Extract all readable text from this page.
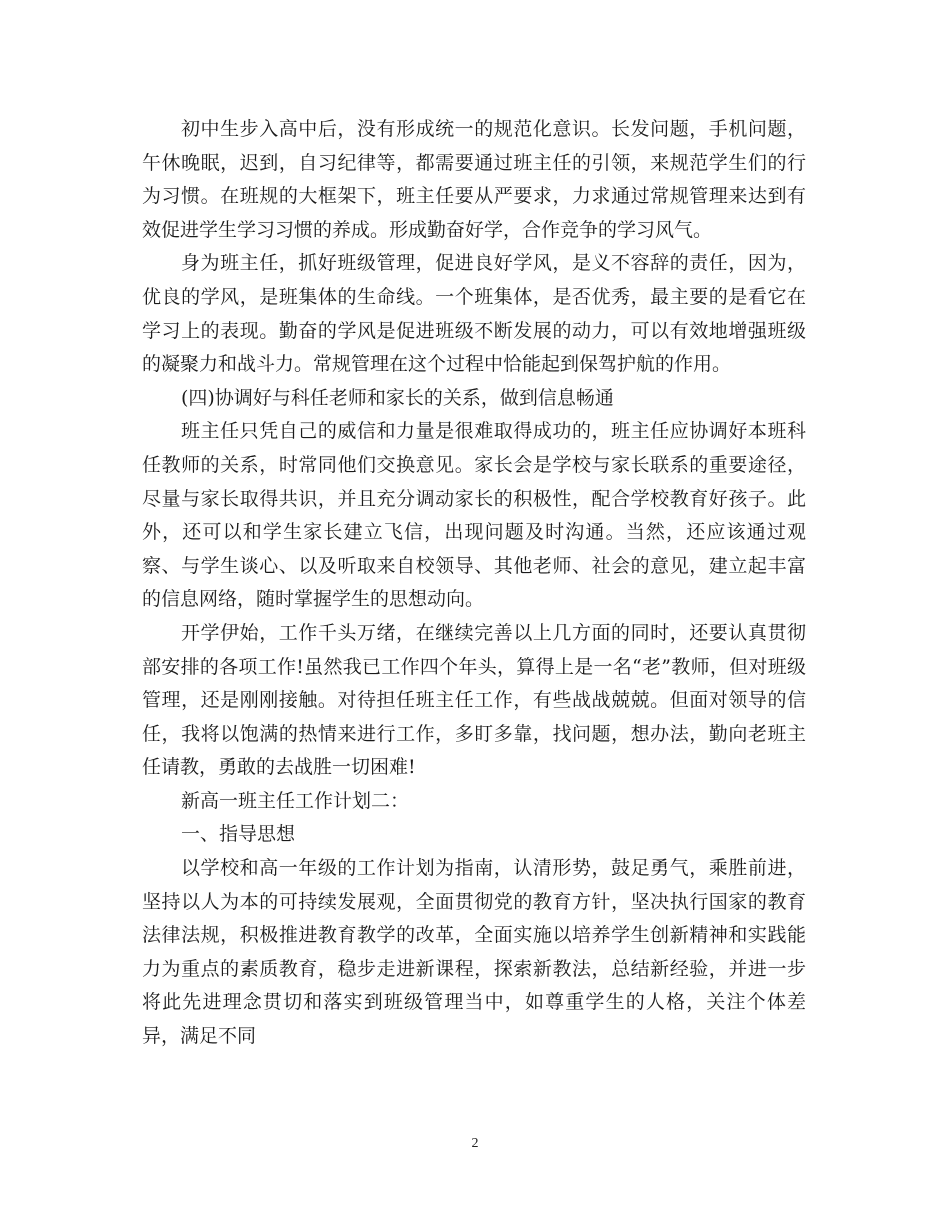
初中生步入高中后，没有形成统一的规范化意识。长发问题，手机问题，午休晚眠，迟到，自习纪律等，都需要通过班主任的引领，来规范学生们的行为习惯。在班规的大框架下，班主任要从严要求，力求通过常规管理来达到有效促进学生学习习惯的养成。形成勤奋好学，合作竞争的学习风气。

身为班主任，抓好班级管理，促进良好学风，是义不容辞的责任，因为，优良的学风，是班集体的生命线。一个班集体，是否优秀，最主要的是看它在学习上的表现。勤奋的学风是促进班级不断发展的动力，可以有效地增强班级的凝聚力和战斗力。常规管理在这个过程中恰能起到保驾护航的作用。

(四)协调好与科任老师和家长的关系，做到信息畅通

班主任只凭自己的威信和力量是很难取得成功的，班主任应协调好本班科任教师的关系，时常同他们交换意见。家长会是学校与家长联系的重要途径，尽量与家长取得共识，并且充分调动家长的积极性，配合学校教育好孩子。此外，还可以和学生家长建立飞信，出现问题及时沟通。当然，还应该通过观察、与学生谈心、以及听取来自校领导、其他老师、社会的意见，建立起丰富的信息网络，随时掌握学生的思想动向。

开学伊始，工作千头万绪，在继续完善以上几方面的同时，还要认真贯彻部安排的各项工作!虽然我已工作四个年头，算得上是一名“老”教师，但对班级管理，还是刚刚接触。对待担任班主任工作，有些战战兢兢。但面对领导的信任，我将以饱满的热情来进行工作，多盯多靠，找问题，想办法，勤向老班主任请教，勇敢的去战胜一切困难!

新高一班主任工作计划二：

一、指导思想

以学校和高一年级的工作计划为指南，认清形势，鼓足勇气，乘胜前进，坚持以人为本的可持续发展观，全面贯彻党的教育方针，坚决执行国家的教育法律法规，积极推进教育教学的改革，全面实施以培养学生创新精神和实践能力为重点的素质教育，稳步走进新课程，探索新教法，总结新经验，并进一步将此先进理念贯切和落实到班级管理当中，如尊重学生的人格，关注个体差异，满足不同

2
